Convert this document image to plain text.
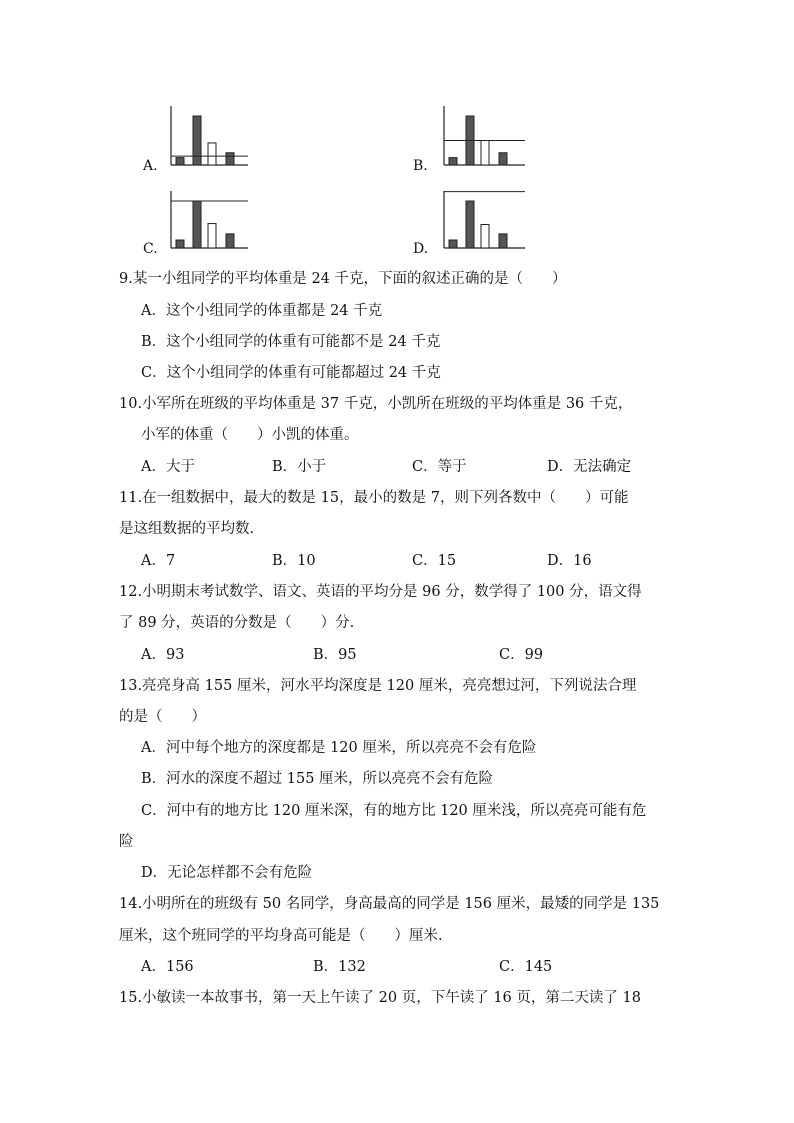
A.	B.
C.	D.
9.某一小组同学的平均体重是 24 千克，下面的叙述正确的是（　　）
A．这个小组同学的体重都是 24 千克
B．这个小组同学的体重有可能都不是 24 千克
C．这个小组同学的体重有可能都超过 24 千克
10.小军所在班级的平均体重是 37 千克，小凯所在班级的平均体重是 36 千克，
小军的体重（　　）小凯的体重。
A．大于	B．小于	C．等于	D．无法确定
11.在一组数据中，最大的数是 15，最小的数是 7，则下列各数中（　　）可能
是这组数据的平均数.
A．7	B．10	C．15	D．16
12.小明期末考试数学、语文、英语的平均分是 96 分，数学得了 100 分，语文得
了 89 分，英语的分数是（　　）分.
A．93	B．95	C．99
13.亮亮身高 155 厘米，河水平均深度是 120 厘米，亮亮想过河，下列说法合理
的是（　　）
A．河中每个地方的深度都是 120 厘米，所以亮亮不会有危险
B．河水的深度不超过 155 厘米，所以亮亮不会有危险
C．河中有的地方比 120 厘米深，有的地方比 120 厘米浅，所以亮亮可能有危
险
D．无论怎样都不会有危险
14.小明所在的班级有 50 名同学，身高最高的同学是 156 厘米，最矮的同学是 135
厘米，这个班同学的平均身高可能是（　　）厘米.
A．156	B．132	C．145
15.小敏读一本故事书，第一天上午读了 20 页，下午读了 16 页，第二天读了 18
